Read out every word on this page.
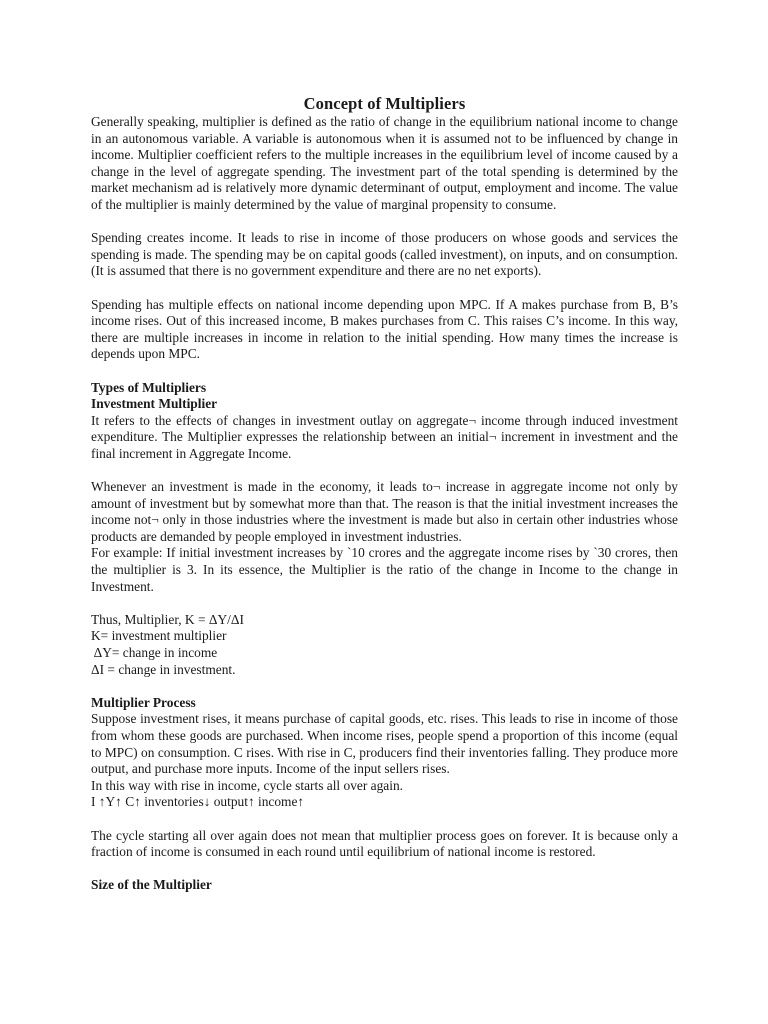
Concept of Multipliers

Generally speaking, multiplier is defined as the ratio of change in the equilibrium national income to change in an autonomous variable. A variable is autonomous when it is assumed not to be influenced by change in income. Multiplier coefficient refers to the multiple increases in the equilibrium level of income caused by a change in the level of aggregate spending. The investment part of the total spending is determined by the market mechanism ad is relatively more dynamic determinant of output, employment and income. The value of the multiplier is mainly determined by the value of marginal propensity to consume.

Spending creates income. It leads to rise in income of those producers on whose goods and services the spending is made. The spending may be on capital goods (called investment), on inputs, and on consumption. (It is assumed that there is no government expenditure and there are no net exports).

Spending has multiple effects on national income depending upon MPC. If A makes purchase from B, B’s income rises. Out of this increased income, B makes purchases from C. This raises C’s income. In this way, there are multiple increases in income in relation to the initial spending. How many times the increase is depends upon MPC.

Types of Multipliers
Investment Multiplier

It refers to the effects of changes in investment outlay on aggregate¬ income through induced investment expenditure. The Multiplier expresses the relationship between an initial¬ increment in investment and the final increment in Aggregate Income.

Whenever an investment is made in the economy, it leads to¬ increase in aggregate income not only by amount of investment but by somewhat more than that. The reason is that the initial investment increases the income not¬ only in those industries where the investment is made but also in certain other industries whose products are demanded by people employed in investment industries.

For example: If initial investment increases by `10 crores and the aggregate income rises by `30 crores, then the multiplier is 3. In its essence, the Multiplier is the ratio of the change in Income to the change in Investment.

Thus, Multiplier, K = ΔY/ΔI
K= investment multiplier
ΔY= change in income
ΔI = change in investment.
Multiplier Process

Suppose investment rises, it means purchase of capital goods, etc. rises. This leads to rise in income of those from whom these goods are purchased. When income rises, people spend a proportion of this income (equal to MPC) on consumption. C rises. With rise in C, producers find their inventories falling. They produce more output, and purchase more inputs. Income of the input sellers rises.

In this way with rise in income, cycle starts all over again.

I ↑Y↑ C↑ inventories↓ output↑ income↑

The cycle starting all over again does not mean that multiplier process goes on forever. It is because only a fraction of income is consumed in each round until equilibrium of national income is restored.

Size of the Multiplier
